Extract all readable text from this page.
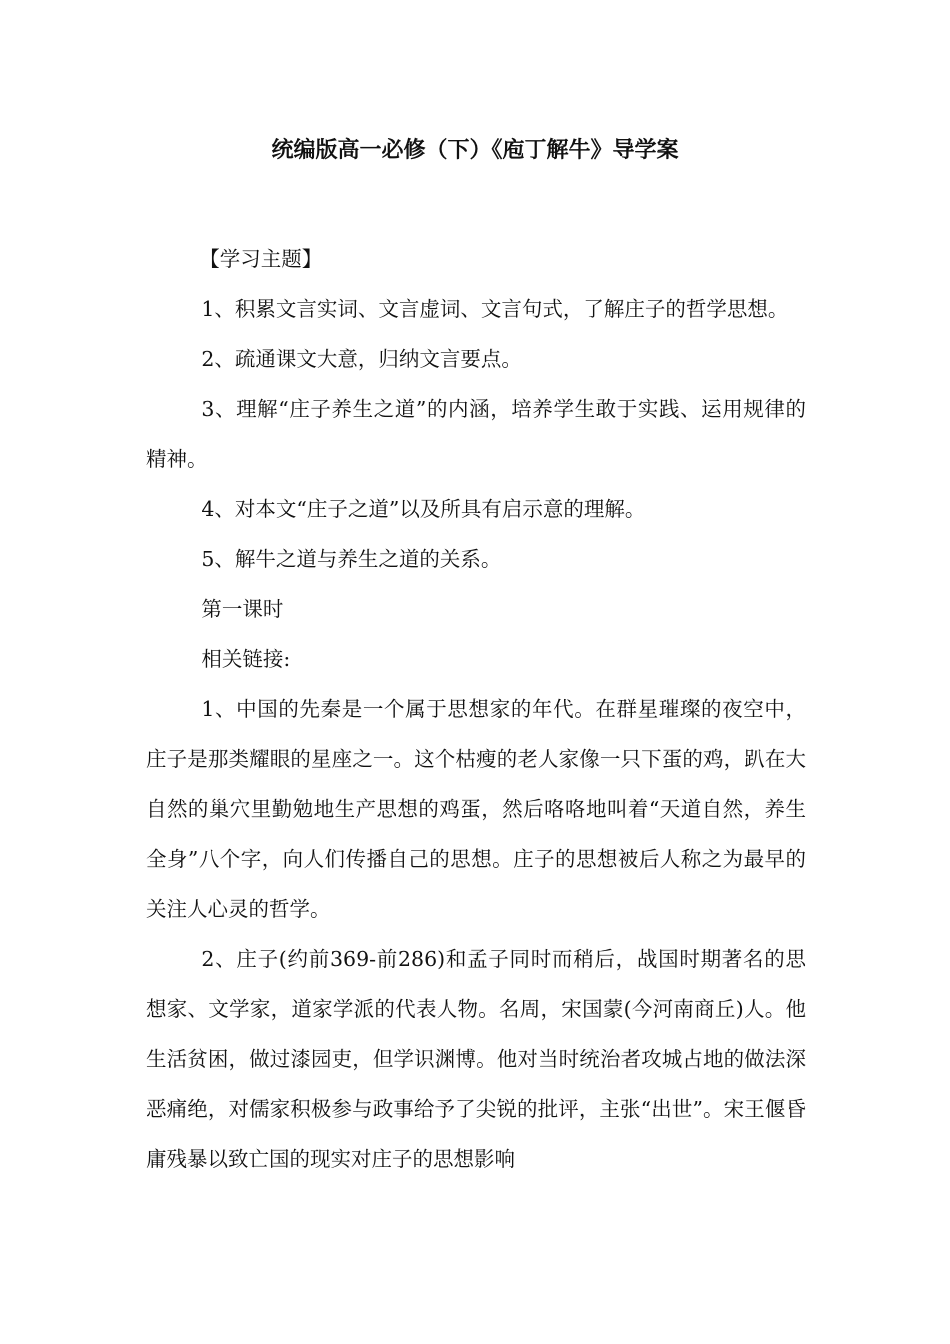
统编版高一必修（下）《庖丁解牛》导学案

【学习主题】

1、积累文言实词、文言虚词、文言句式，了解庄子的哲学思想。

2、疏通课文大意，归纳文言要点。

3、理解“庄子养生之道”的内涵，培养学生敢于实践、运用规律的精神。

4、对本文“庄子之道”以及所具有启示意的理解。

5、解牛之道与养生之道的关系。

第一课时

相关链接:

1、中国的先秦是一个属于思想家的年代。在群星璀璨的夜空中，庄子是那类耀眼的星座之一。这个枯瘦的老人家像一只下蛋的鸡，趴在大自然的巢穴里勤勉地生产思想的鸡蛋，然后咯咯地叫着“天道自然，养生全身”八个字，向人们传播自己的思想。庄子的思想被后人称之为最早的关注人心灵的哲学。

2、庄子(约前369-前286)和孟子同时而稍后，战国时期著名的思想家、文学家，道家学派的代表人物。名周，宋国蒙(今河南商丘)人。他生活贫困，做过漆园吏，但学识渊博。他对当时统治者攻城占地的做法深恶痛绝，对儒家积极参与政事给予了尖锐的批评，主张“出世”。宋王偃昏庸残暴以致亡国的现实对庄子的思想影响
